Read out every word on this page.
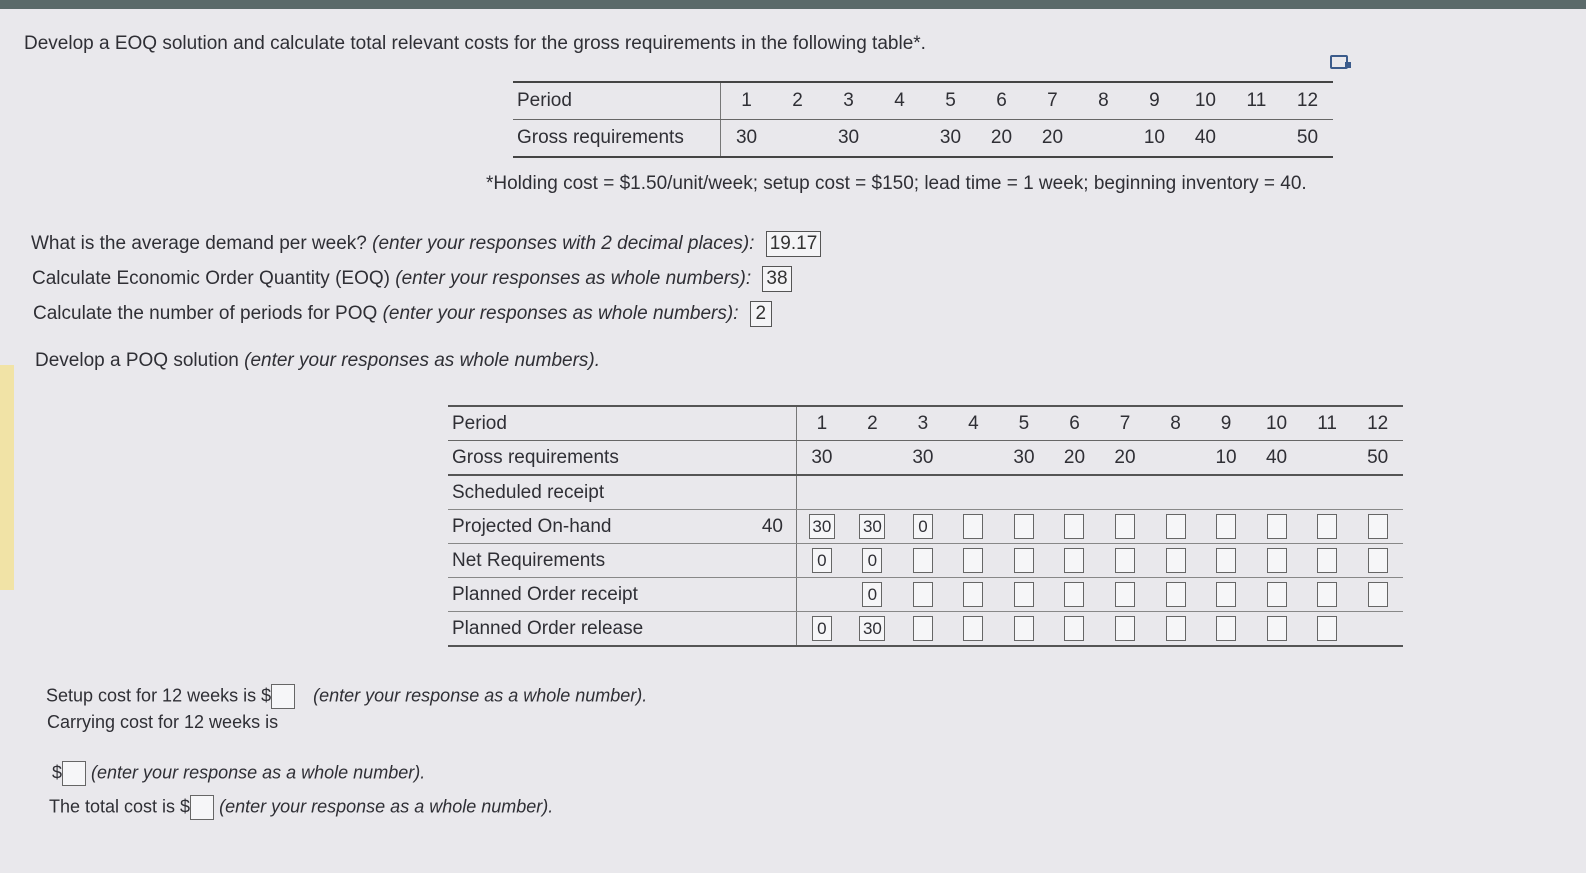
Develop a EOQ solution and calculate total relevant costs for the gross requirements in the following table*.
Period	1	2	3	4	5	6	7	8	9	10	11	12
Gross requirements	30		30		30	20	20		10	40		50
*Holding cost = $1.50/unit/week; setup cost = $150; lead time = 1 week; beginning inventory = 40.
What is the average demand per week? (enter your responses with 2 decimal places): 19.17
Calculate Economic Order Quantity (EOQ) (enter your responses as whole numbers): 38
Calculate the number of periods for POQ (enter your responses as whole numbers): 2
Develop a POQ solution (enter your responses as whole numbers).
Period		1	2	3	4	5	6	7	8	9	10	11	12
Gross requirements		30		30		30	20	20		10	40		50
Scheduled receipt													
Projected On-hand	40	30	30	0									
Net Requirements		0	0										
Planned Order receipt			0										
Planned Order release		0	30										
Setup cost for 12 weeks is $ (enter your response as a whole number).
Carrying cost for 12 weeks is
$ (enter your response as a whole number).
The total cost is $ (enter your response as a whole number).
